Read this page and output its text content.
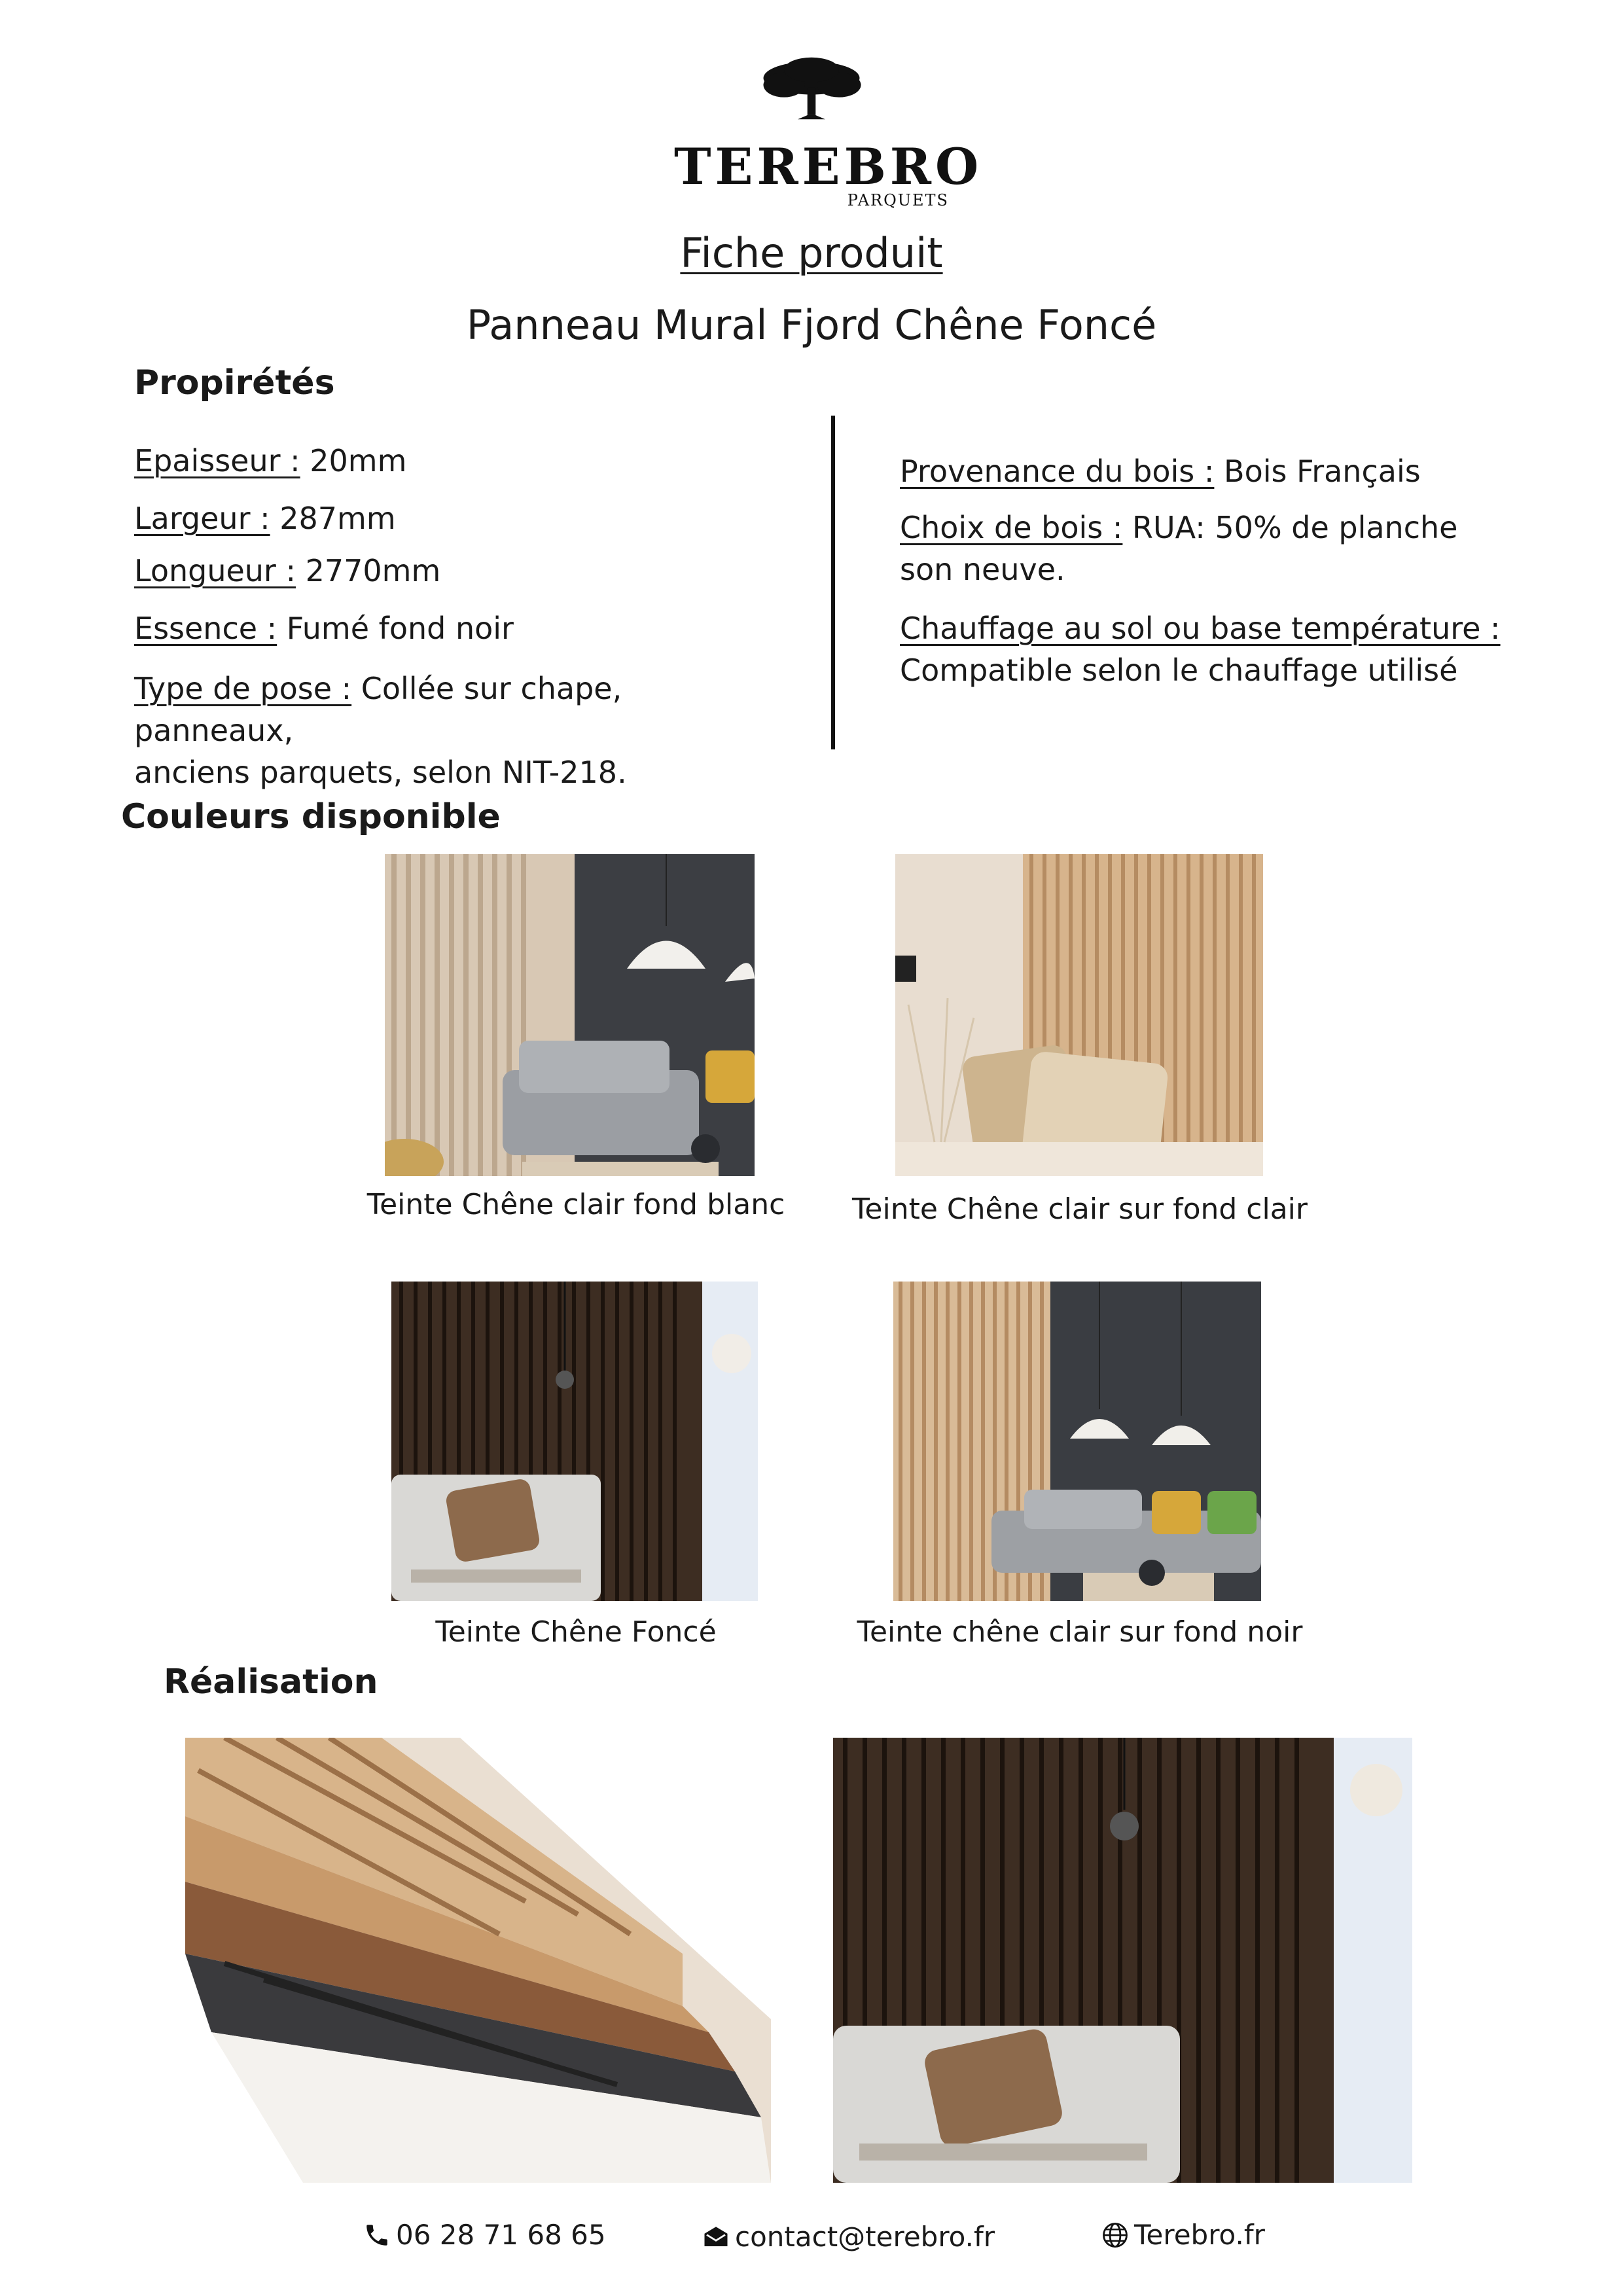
TEREBRO
PARQUETS
Fiche produit
Panneau Mural Fjord Chêne Foncé
Propirétés
Epaisseur : 20mm
Largeur : 287mm
Longueur : 2770mm
Essence : Fumé fond noir
Type de pose : Collée sur chape, panneaux,
anciens parquets, selon NIT-218.
Provenance du bois : Bois Français
Choix de bois : RUA: 50% de planche
son neuve.
Chauffage au sol ou base température :
Compatible selon le chauffage utilisé
Couleurs disponible
Teinte Chêne clair fond blanc Teinte Chêne clair sur fond clair
Teinte Chêne Foncé	Teinte chêne clair sur fond noir
Réalisation
06 28 71 68 65	contact@terebro.fr	Terebro.fr
